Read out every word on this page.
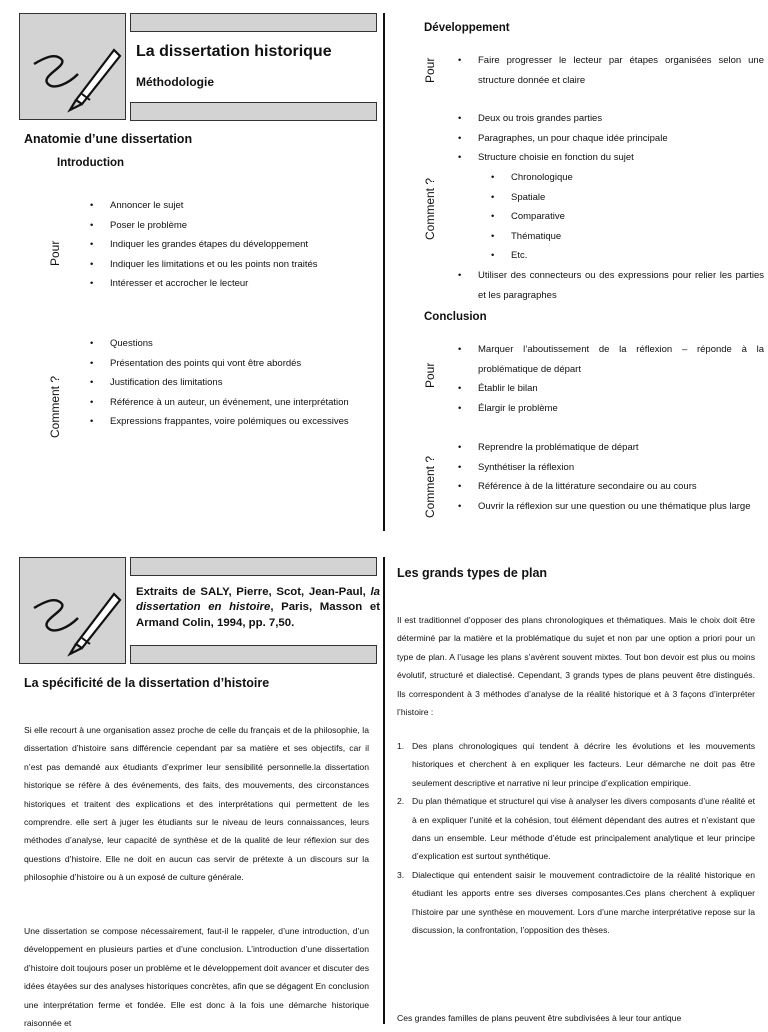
La dissertation historique
Méthodologie
Anatomie d’une dissertation
Introduction
Pour
• Annoncer le sujet
• Poser le problème
• Indiquer les grandes étapes du développement
• Indiquer les limitations et ou les points non traités
• Intéresser et accrocher le lecteur
Comment ?
• Questions
• Présentation des points qui vont être abordés
• Justification des limitations
• Référence à un auteur, un événement, une interprétation
• Expressions frappantes, voire polémiques ou excessives
Développement
Pour	• Faire progresser le lecteur par étapes organisées selon une structure donnée et claire
Comment ?
• Deux ou trois grandes parties
• Paragraphes, un pour chaque idée principale
• Structure choisie en fonction du sujet
• Chronologique
• Spatiale
• Comparative
• Thématique
• Etc.
• Utiliser des connecteurs ou des expressions pour relier les parties et les paragraphes
Conclusion
Pour
• Marquer l’aboutissement de la réflexion – réponde à la problématique de départ
• Établir le bilan
• Élargir le problème
Comment ?
• Reprendre la problématique de départ
• Synthétiser la réflexion
• Référence à de la littérature secondaire ou au cours
• Ouvrir la réflexion sur une question ou une thématique plus large
Extraits de SALY, Pierre, Scot, Jean-Paul, la dissertation en histoire, Paris, Masson et Armand Colin, 1994, pp. 7,50.
La spécificité de la dissertation d’histoire

Si elle recourt à une organisation assez proche de celle du français et de la philosophie, la dissertation d’histoire sans différencie cependant par sa matière et ses objectifs, car il n’est pas demandé aux étudiants d’exprimer leur sensibilité personnelle.la dissertation historique se réfère à des événements, des faits, des mouvements, des circonstances historiques et traitent des explications et des interprétations qui permettent de les comprendre. elle sert à juger les étudiants sur le niveau de leurs connaissances, leurs méthodes d’analyse, leur capacité de synthèse et de la qualité de leur réflexion sur des questions d’histoire. Elle ne doit en aucun cas servir de prétexte à un discours sur la philosophie d’histoire ou à un exposé de culture générale.

Une dissertation se compose nécessairement, faut-il le rappeler, d’une introduction, d’un développement en plusieurs parties et d’une conclusion. L’introduction d’une dissertation d’histoire doit toujours poser un problème et le développement doit avancer et discuter des idées étayées sur des analyses historiques concrètes, afin que se dégagent En conclusion une interprétation ferme et fondée. Elle est donc à la fois une démarche historique raisonnée et

Les grands types de plan

Il est traditionnel d’opposer des plans chronologiques et thématiques. Mais le choix doit être déterminé par la matière et la problématique du sujet et non par une option a priori pour un type de plan. A l’usage les plans s’avèrent souvent mixtes. Tout bon devoir est plus ou moins évolutif, structuré et dialectisé. Cependant, 3 grands types de plans peuvent être distingués. Ils correspondent à 3 méthodes d’analyse de la réalité historique et à 3 façons d’interpréter l’histoire :

1. Des plans chronologiques qui tendent à décrire les évolutions et les mouvements historiques et cherchent à en expliquer les facteurs. Leur démarche ne doit pas être seulement descriptive et narrative ni leur principe d’explication empirique.
2. Du plan thématique et structurel qui vise à analyser les divers composants d’une réalité et à en expliquer l’unité et la cohésion, tout élément dépendant des autres et n’existant que dans un ensemble. Leur méthode d’étude est principalement analytique et leur principe d’explication est surtout synthétique.
3. Dialectique qui entendent saisir le mouvement contradictoire de la réalité historique en étudiant les apports entre ses diverses composantes.Ces plans cherchent à expliquer l’histoire par une synthèse en mouvement. Lors d’une marche interprétative repose sur la discussion, la confrontation, l’opposition des thèses.

Ces grandes familles de plans peuvent être subdivisées à leur tour antique
